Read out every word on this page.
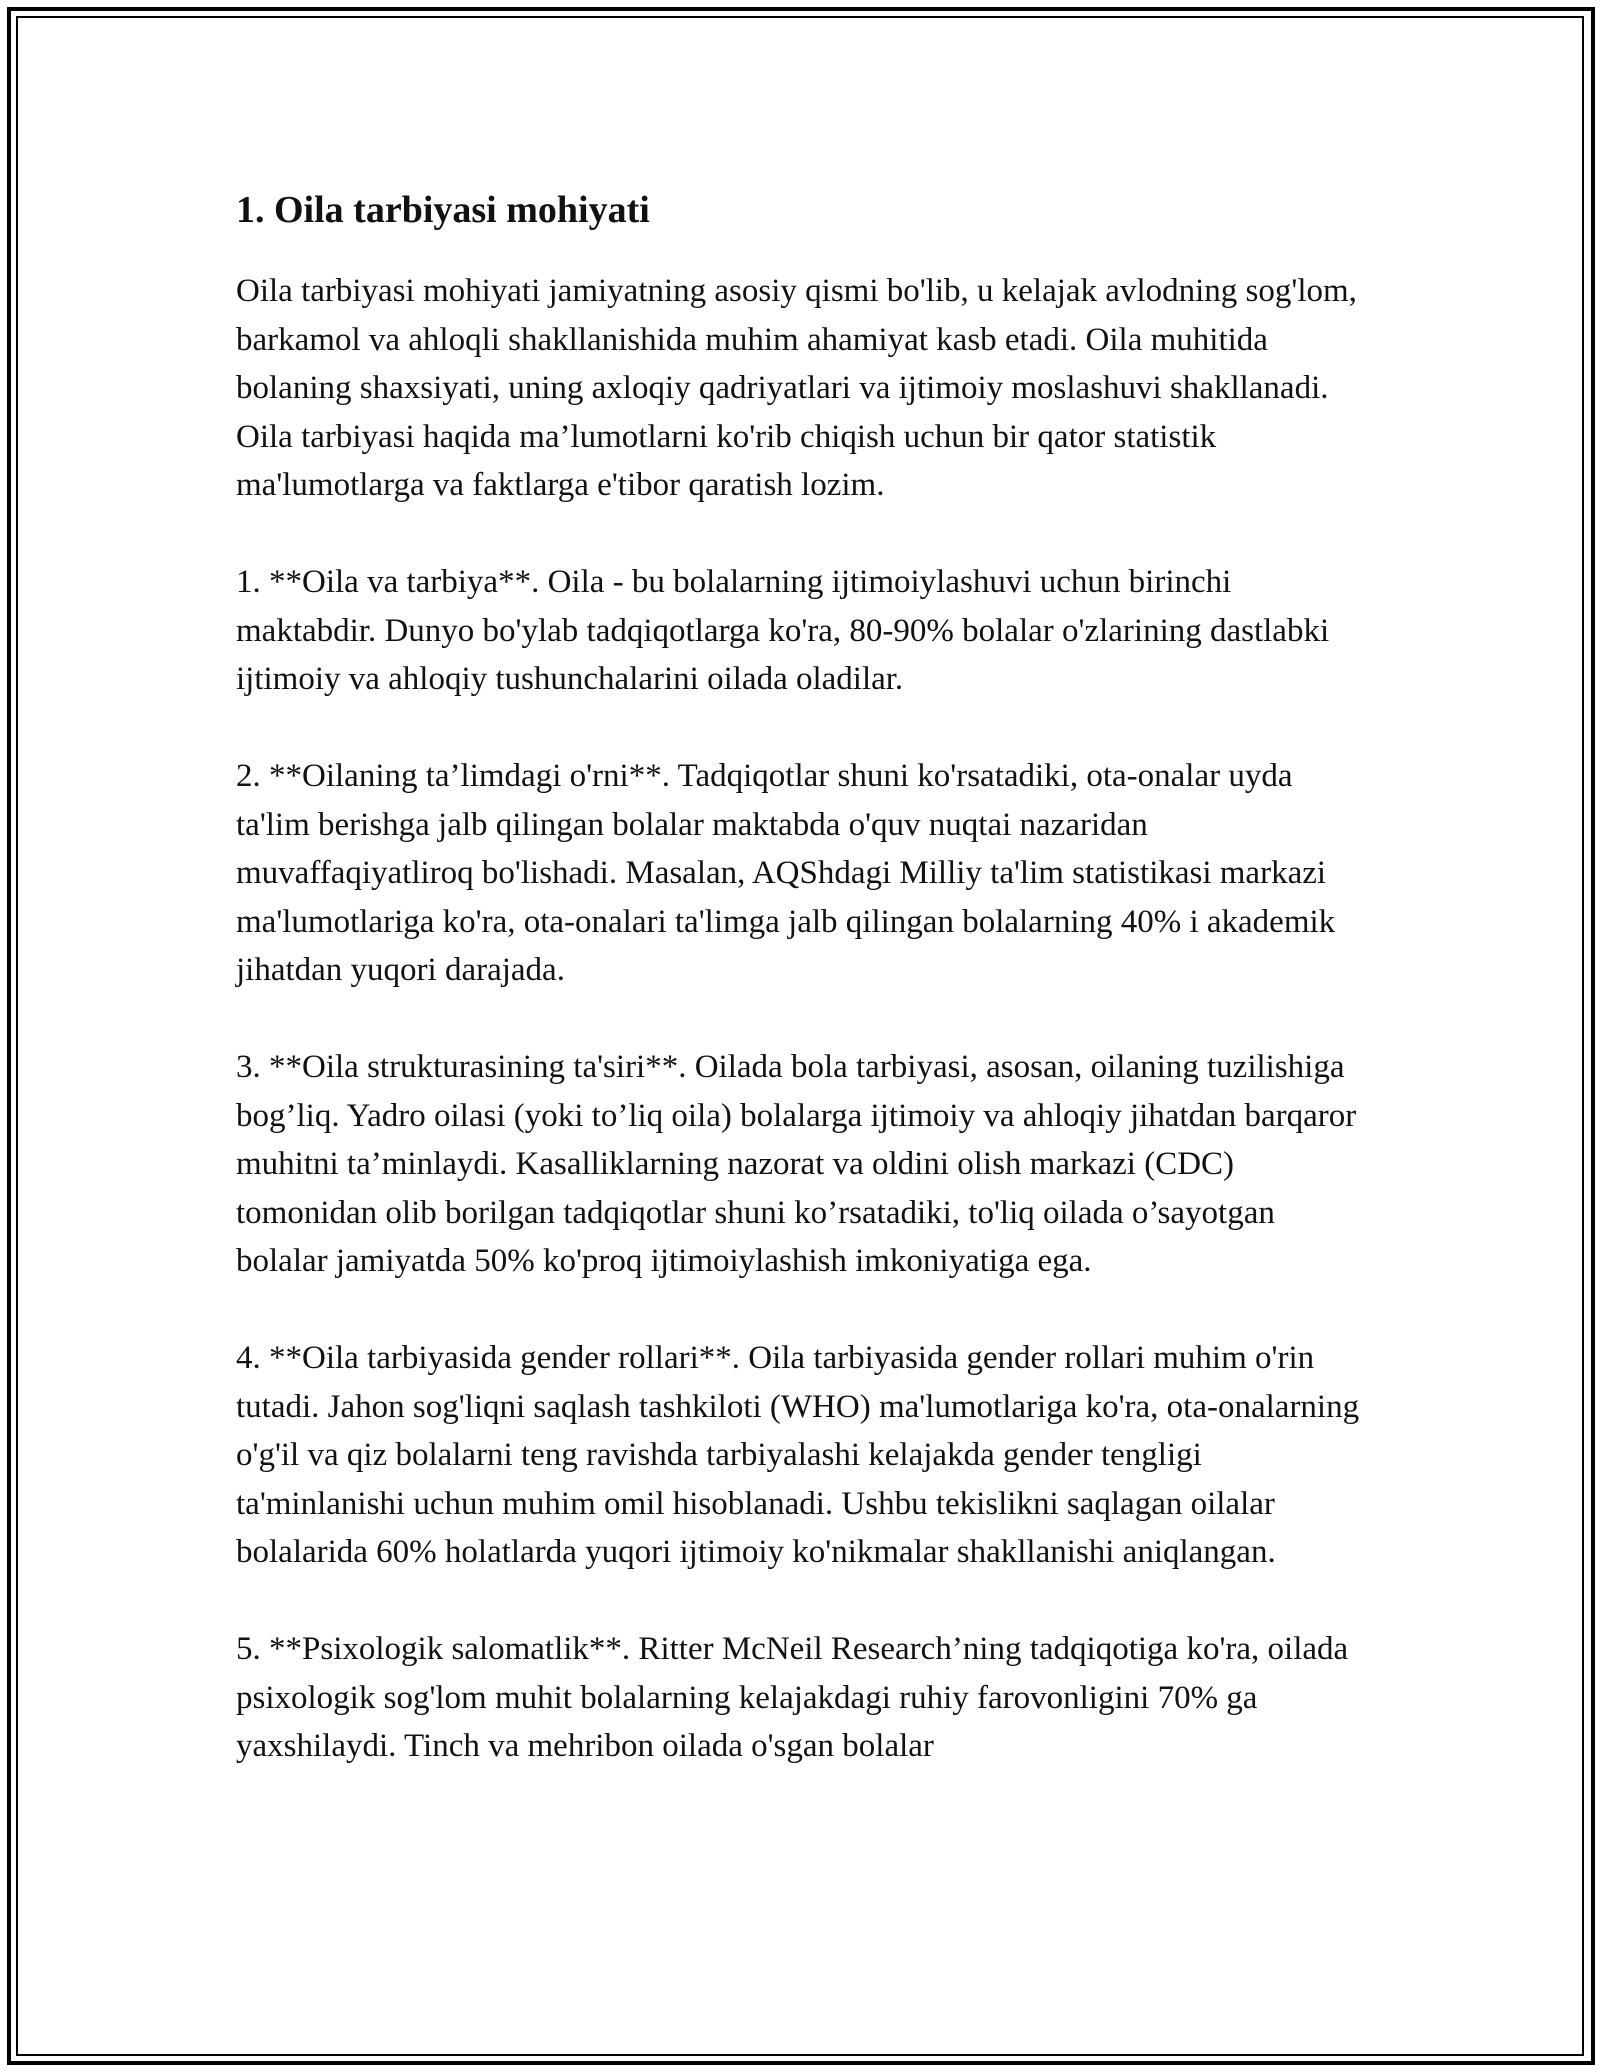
1. Oila tarbiyasi mohiyati

Oila tarbiyasi mohiyati jamiyatning asosiy qismi bo'lib, u kelajak avlodning sog'lom, barkamol va ahloqli shakllanishida muhim ahamiyat kasb etadi. Oila muhitida bolaning shaxsiyati, uning axloqiy qadriyatlari va ijtimoiy moslashuvi shakllanadi. Oila tarbiyasi haqida ma’lumotlarni ko'rib chiqish uchun bir qator statistik ma'lumotlarga va faktlarga e'tibor qaratish lozim.

1. **Oila va tarbiya**. Oila - bu bolalarning ijtimoiylashuvi uchun birinchi maktabdir. Dunyo bo'ylab tadqiqotlarga ko'ra, 80-90% bolalar o'zlarining dastlabki ijtimoiy va ahloqiy tushunchalarini oilada oladilar.

2. **Oilaning ta’limdagi o'rni**. Tadqiqotlar shuni ko'rsatadiki, ota-onalar uyda ta'lim berishga jalb qilingan bolalar maktabda o'quv nuqtai nazaridan muvaffaqiyatliroq bo'lishadi. Masalan, AQShdagi Milliy ta'lim statistikasi markazi ma'lumotlariga ko'ra, ota-onalari ta'limga jalb qilingan bolalarning 40% i akademik jihatdan yuqori darajada.

3. **Oila strukturasining ta'siri**. Oilada bola tarbiyasi, asosan, oilaning tuzilishiga bog’liq. Yadro oilasi (yoki to’liq oila) bolalarga ijtimoiy va ahloqiy jihatdan barqaror muhitni ta’minlaydi. Kasalliklarning nazorat va oldini olish markazi (CDC) tomonidan olib borilgan tadqiqotlar shuni ko’rsatadiki, to'liq oilada o’sayotgan bolalar jamiyatda 50% ko'proq ijtimoiylashish imkoniyatiga ega.

4. **Oila tarbiyasida gender rollari**. Oila tarbiyasida gender rollari muhim o'rin tutadi. Jahon sog'liqni saqlash tashkiloti (WHO) ma'lumotlariga ko'ra, ota-onalarning o'g'il va qiz bolalarni teng ravishda tarbiyalashi kelajakda gender tengligi ta'minlanishi uchun muhim omil hisoblanadi. Ushbu tekislikni saqlagan oilalar bolalarida 60% holatlarda yuqori ijtimoiy ko'nikmalar shakllanishi aniqlangan.

5. **Psixologik salomatlik**. Ritter McNeil Research’ning tadqiqotiga ko'ra, oilada psixologik sog'lom muhit bolalarning kelajakdagi ruhiy farovonligini 70% ga yaxshilaydi. Tinch va mehribon oilada o'sgan bolalar
